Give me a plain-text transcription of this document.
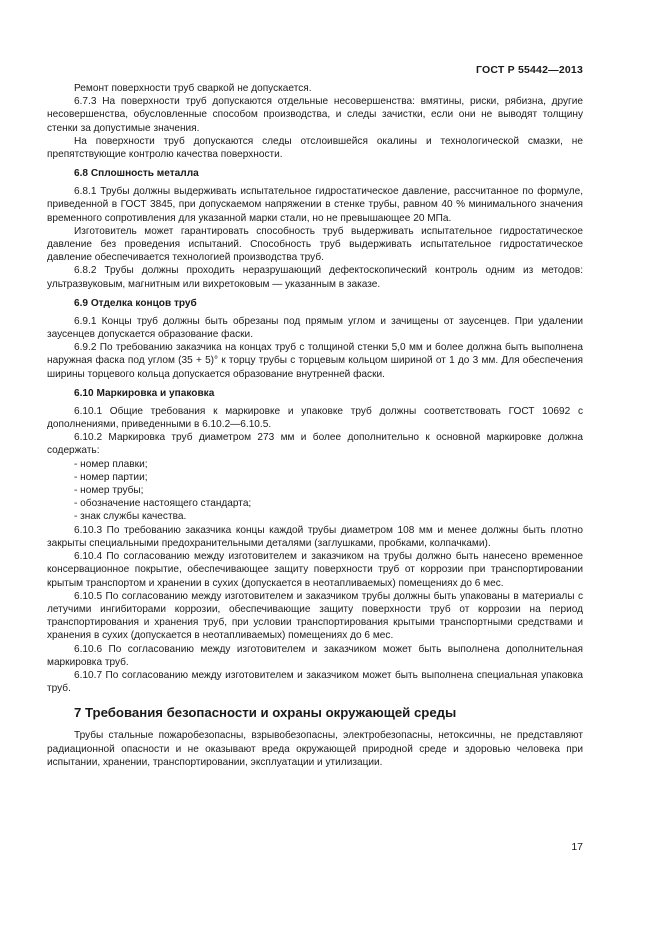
ГОСТ Р 55442—2013

Ремонт поверхности труб сваркой не допускается.

6.7.3 На поверхности труб допускаются отдельные несовершенства: вмятины, риски, рябизна, другие несовершенства, обусловленные способом производства, и следы зачистки, если они не выводят толщину стенки за допустимые значения.

На поверхности труб допускаются следы отслоившейся окалины и технологической смазки, не препятствующие контролю качества поверхности.

6.8 Сплошность металла

6.8.1 Трубы должны выдерживать испытательное гидростатическое давление, рассчитанное по формуле, приведенной в ГОСТ 3845, при допускаемом напряжении в стенке трубы, равном 40 % минимального значения временного сопротивления для указанной марки стали, но не превышающее 20 МПа.

Изготовитель может гарантировать способность труб выдерживать испытательное гидростатическое давление без проведения испытаний. Способность труб выдерживать испытательное гидростатическое давление обеспечивается технологией производства труб.

6.8.2 Трубы должны проходить неразрушающий дефектоскопический контроль одним из методов: ультразвуковым, магнитным или вихретоковым — указанным в заказе.

6.9 Отделка концов труб

6.9.1 Концы труб должны быть обрезаны под прямым углом и зачищены от заусенцев. При удалении заусенцев допускается образование фаски.

6.9.2 По требованию заказчика на концах труб с толщиной стенки 5,0 мм и более должна быть выполнена наружная фаска под углом (35 + 5)° к торцу трубы с торцевым кольцом шириной от 1 до 3 мм. Для обеспечения ширины торцевого кольца допускается образование внутренней фаски.

6.10 Маркировка и упаковка

6.10.1 Общие требования к маркировке и упаковке труб должны соответствовать ГОСТ 10692 с дополнениями, приведенными в 6.10.2—6.10.5.

6.10.2 Маркировка труб диаметром 273 мм и более дополнительно к основной маркировке должна содержать:

- номер плавки;
- номер партии;
- номер трубы;
- обозначение настоящего стандарта;
- знак службы качества.

6.10.3 По требованию заказчика концы каждой трубы диаметром 108 мм и менее должны быть плотно закрыты специальными предохранительными деталями (заглушками, пробками, колпачками).

6.10.4 По согласованию между изготовителем и заказчиком на трубы должно быть нанесено временное консервационное покрытие, обеспечивающее защиту поверхности труб от коррозии при транспортировании крытым транспортом и хранении в сухих (допускается в неотапливаемых) помещениях до 6 мес.

6.10.5 По согласованию между изготовителем и заказчиком трубы должны быть упакованы в материалы с летучими ингибиторами коррозии, обеспечивающие защиту поверхности труб от коррозии на период транспортирования и хранения труб, при условии транспортирования крытыми транспортными средствами и хранения в сухих (допускается в неотапливаемых) помещениях до 6 мес.

6.10.6 По согласованию между изготовителем и заказчиком может быть выполнена дополнительная маркировка труб.

6.10.7 По согласованию между изготовителем и заказчиком может быть выполнена специальная упаковка труб.

7 Требования безопасности и охраны окружающей среды

Трубы стальные пожаробезопасны, взрывобезопасны, электробезопасны, нетоксичны, не представляют радиационной опасности и не оказывают вреда окружающей природной среде и здоровью человека при испытании, хранении, транспортировании, эксплуатации и утилизации.

17
